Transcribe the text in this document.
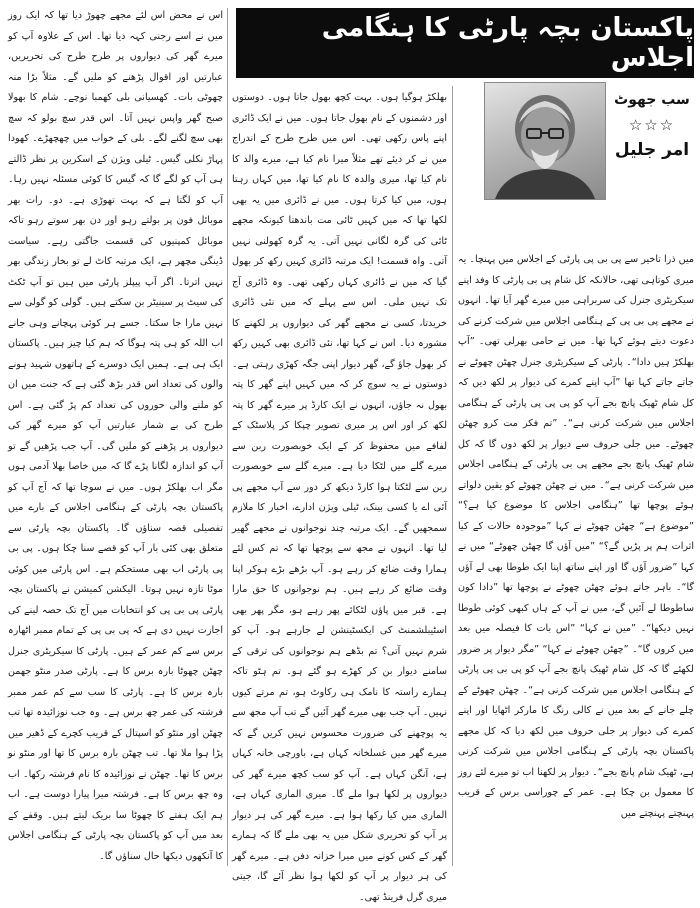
پاکستان بچہ پارٹی کا ہنگامی اجلاس
سب جھوٹ
☆☆☆
امر جلیل

میں ذرا تاخیر سے پی بی پی پارٹی کے اجلاس میں پہنچا۔ یہ میری کوتاہی تھی، حالانکہ کل شام پی بی پارٹی کا وفد اپنے سیکریٹری جنرل کی سربراہی میں میرے گھر آیا تھا۔ انہوں نے مجھے پی بی پی کے ہنگامی اجلاس میں شرکت کرنے کی دعوت دیتے ہوئے کہا تھا۔ میں نے حامی بھرلی تھی۔ ”آپ بھلکڑ ہیں دادا“۔ پارٹی کے سیکریٹری جنرل چھٹن چھوٹے نے جاتے جاتے کہا تھا ”آپ اپنے کمرے کی دیوار پر لکھ دیں کہ کل شام ٹھیک پانچ بجے آپ کو پی پی پی پارٹی کے ہنگامی اجلاس میں شرکت کرنی ہے“۔ ”تم فکر مت کرو چھٹن چھوٹے۔ میں جلی حروف سے دیوار پر لکھ دوں گا کہ کل شام ٹھیک پانچ بجے مجھے پی بی پارٹی کے ہنگامی اجلاس میں شرکت کرنی ہے“۔ میں نے چھٹن چھوٹے کو یقین دلواتے ہوئے پوچھا تھا ”ہنگامی اجلاس کا موضوع کیا ہے؟“ ”موضوع ہے“ چھٹن چھوٹے نے کہا ”موجودہ حالات کے کیا اثرات ہم پر پڑیں گے؟“ ”میں آؤں گا چھٹن چھوٹے“ میں نے کہا ”ضرور آؤں گا اور اپنے ساتھ اپنا ایک طوطا بھی لے آؤں گا“۔ باہر جاتے ہوئے چھٹن چھوٹے نے پوچھا تھا ”دادا کون ساطوطا لے آئیں گے، میں نے آپ کے ہاں کبھی کوئی طوطا نہیں دیکھا“۔ ”میں نے کہا“ ”اس بات کا فیصلہ میں بعد میں کروں گا“۔ ”چھٹن چھوٹے نے کہا“ ”مگر دیوار پر ضرور لکھئے گا کہ کل شام ٹھیک پانچ بجے آپ کو پی بی پی پارٹی کے ہنگامی اجلاس میں شرکت کرنی ہے“۔ چھٹن چھوٹے کے چلے جانے کے بعد میں نے کالی رنگ کا مارکر اٹھایا اور اپنے کمرے کی دیوار پر جلی حروف میں لکھ دیا کہ کل مجھے پاکستان بچہ پارٹی کے ہنگامی اجلاس میں شرکت کرنی ہے، ٹھیک شام پانچ بجے“۔ دیوار پر لکھنا اب تو میرے لئے روز کا معمول بن چکا ہے۔ عمر کے چوراسی برس کے قریب پہنچتے پہنچتے میں

بھلکڑ ہوگیا ہوں۔ بہت کچھ بھول جاتا ہوں۔ دوستوں اور دشمنوں کے نام بھول جاتا ہوں۔ میں نے ایک ڈائری اپنے پاس رکھی تھی۔ اس میں طرح طرح کے اندراج میں نے کر دیئے تھے مثلاً میرا نام کیا ہے، میرے والد کا نام کیا تھا، میری والدہ کا نام کیا تھا، میں کہاں رہتا ہوں، میں کیا کرتا ہوں۔ میں نے ڈائری میں یہ بھی لکھا تھا کہ میں کہیں ٹائی مت باندھتا کیونکہ مجھے ٹائی کی گرہ لگانی نہیں آتی۔ یہ گرہ کھولنی نہیں آتی۔ واہ قسمت! ایک مرتبہ ڈائری کہیں رکھ کر بھول گیا کہ میں نے ڈائری کہاں رکھی تھی۔ وہ ڈائری آج تک نہیں ملی۔ اس سے پہلے کہ میں نئی ڈائری خریدتا، کسی نے مجھے گھر کی دیواروں پر لکھنے کا مشورہ دیا۔ اس نے کہا تھا، نئی ڈائری بھی کہیں رکھ کر بھول جاؤ گے، گھر دیوار اپنی جگہ کھڑی رہتی ہے۔ دوستوں نے یہ سوچ کر کہ میں کہیں اپنے گھر کا پتہ بھول نہ جاؤں، انہوں نے ایک کارڈ پر میرے گھر کا پتہ لکھ کر اور اس پر میری تصویر چپکا کر پلاسٹک کے لفافے میں محفوظ کر کے ایک خوبصورت ربن سے میرے گلے میں لٹکا دیا ہے۔ میرے گلے سے خوبصورت ربن سے لٹکتا ہوا کارڈ دیکھ کر دور سے آپ مجھے پی آئی اے یا کسی بینک، ٹیلی ویژن ادارے، اخبار کا ملازم سمجھیں گے۔ ایک مرتبہ چند نوجوانوں نے مجھے گھیر لیا تھا۔ انہوں نے مجھ سے پوچھا تھا کہ تم کس لئے ہمارا وقت ضائع کر رہے ہو۔ آپ بڑھے بڑے ہوکر اپنا وقت ضائع کر رہے ہیں۔ ہم نوجوانوں کا حق مارا ہے۔ قبر میں پاؤں لٹکائے پھر رہے ہو، مگر پھر بھی اسٹیبلشمنٹ کی ایکسٹینشن لے جارہے ہو۔ آپ کو شرم نہیں آتی؟ تم بڈھے ہم نوجوانوں کی ترقی کے سامنے دیوار بن کر کھڑے ہو گئے ہو۔ تم ہٹو تاکہ ہمارے راستہ کا نامک ہی رکاوٹ ہو، تم مرتے کیوں نہیں۔ آپ جب بھی میرے گھر آئیں گے تب آپ مجھ سے یہ پوچھنے کی ضرورت محسوس نہیں کریں گے کہ میرے گھر میں غسلخانہ کہاں ہے، باورچی خانہ کہاں ہے، آنگن کہاں ہے۔ آپ کو سب کچھ میرے گھر کی دیواروں پر لکھا ہوا ملے گا۔ میری الماری کہاں ہے، الماری میں کیا رکھا ہوا ہے۔ میرے گھر کی ہر دیوار پر آپ کو تحریری شکل میں یہ بھی ملے گا کہ ہمارے گھر کے کس کونے میں میرا خزانہ دفن ہے۔ میرے گھر کی ہر دیوار پر آپ کو لکھا ہوا نظر آئے گا، جیتی میری گرل فرینڈ تھی۔

اس نے محض اس لئے مجھے چھوڑ دیا تھا کہ ایک روز میں نے اسے رجنی کہہ دیا تھا۔ اس کے علاوہ آپ کو میرے گھر کی دیواروں پر طرح طرح کی تحریریں، عبارتیں اور اقوال پڑھنے کو ملیں گے۔ مثلاً بڑا منہ چھوٹی بات۔ کھسیانی بلی کھمبا نوچے۔ شام کا بھولا صبح گھر واپس نہیں آتا۔ اس قدر سچ بولو کہ سچ بھی سچ لگنے لگے۔ بلی کے خواب میں چھچھڑے۔ کھودا پہاڑ نکلی گیس۔ ٹیلی ویژن کے اسکرین پر نظر ڈالتے ہی آپ کو لگے گا کہ گیس کا کوئی مسئلہ نہیں رہا۔ آپ کو لگتا ہے کہ بہت تھوڑی ہے۔ دو۔ رات بھر موبائل فون پر بولتے رہو اور دن بھر سوتے رہو تاکہ موبائل کمپنیوں کی قسمت جاگتی رہے۔ سیاست ڈینگی مچھر ہے، ایک مرتبہ کاٹ لے تو بخار زندگی بھر نہیں اترتا۔ اگر آپ پیپلز پارٹی میں ہیں تو آپ ٹکٹ کی سیٹ پر سینیٹر بن سکتے ہیں۔ گولی کو گولی سے نہیں مارا جا سکتا۔ جسے ہر کوئی پہچانے وہی جانے اب اللہ کو ہی پتہ ہوگا کہ ہم کیا چیز ہیں۔ پاکستان ایک ہی ہے۔ ہمیں ایک دوسرے کے ہاتھوں شہید ہونے والوں کی تعداد اس قدر بڑھ گئی ہے کہ جنت میں ان کو ملنے والی حوروں کی تعداد کم پڑ گئی ہے۔ اس طرح کی بے شمار عبارتیں آپ کو میرے گھر کی دیواروں پر پڑھنے کو ملیں گی۔ آپ جب پڑھیں گے تو آپ کو اندازہ لگانا پڑے گا کہ میں خاصا بھلا آدمی ہوں مگر اب بھلکڑ ہوں۔ میں نے سوچا تھا کہ آج آپ کو پاکستان بچہ پارٹی کے ہنگامی اجلاس کے بارے میں تفصیلی قصہ سناؤں گا۔ پاکستان بچہ پارٹی سے متعلق بھی کئی بار آپ کو قصے سنا چکا ہوں۔ پی بی پی پارٹی اب بھی مستحکم ہے۔ اس پارٹی میں کوئی موٹا تازہ نہیں ہوتا۔ الیکشن کمیشن نے پاکستان بچہ پارٹی پی بی پی کو انتخابات میں آج تک حصہ لینے کی اجازت نہیں دی ہے کہ پی بی پی کے تمام ممبر اٹھارہ برس سے کم عمر کے ہیں۔ پارٹی کا سیکریٹری جنرل چھٹن چھوٹا بارہ برس کا ہے۔ پارٹی صدر منٹو جھمن بارہ برس کا ہے۔ پارٹی کا سب سے کم عمر ممبر فرشتہ کی عمر چھ برس ہے۔ وہ جب نوزائیدہ تھا تب چھٹن اور منٹو کو اسپتال کے قریب کچرے کے ڈھیر میں پڑا ہوا ملا تھا۔ تب چھٹن بارہ برس کا تھا اور منٹو نو برس کا تھا۔ چھٹن نے نوزائیدہ کا نام فرشتہ رکھا۔ اب وہ چھ برس کا ہے۔ فرشتہ میرا پیارا دوست ہے۔ اب ہم ایک ہفتے کا چھوٹا سا بریک لیتے ہیں۔ وقفے کے بعد میں آپ کو پاکستان بچہ پارٹی کے ہنگامی اجلاس کا آنکھوں دیکھا حال سناؤں گا۔
